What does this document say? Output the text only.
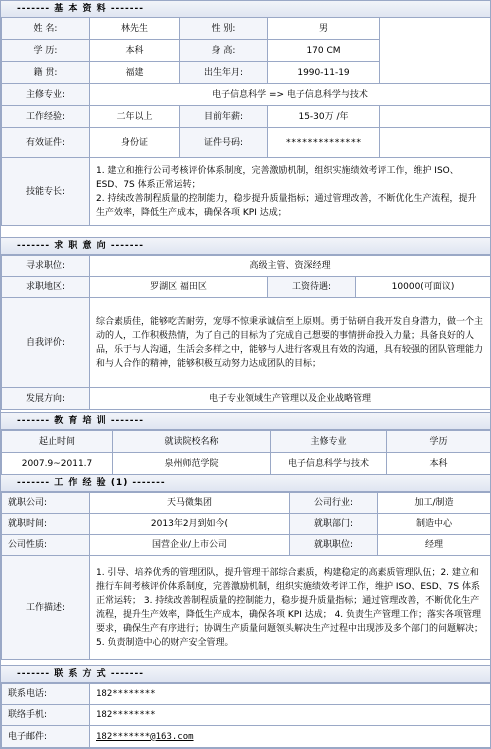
------- 基 本 资 料 -------
姓 名:	林先生	性 别:	男	
学 历:	本科	身 高:	170 CM	
籍 贯:	福建	出生年月:	1990-11-19	
主修专业:	电子信息科学 => 电子信息科学与技术			
工作经验:	二年以上	目前年薪:	15-30万 /年	
有效证件:	身份证	证件号码:	**************	
技能专长:	1. 建立和推行公司考核评价体系制度，完善激励机制，组织实施绩效考评工作，维护 ISO、ESD、7S 体系正常运转；
2. 持续改善制程质量的控制能力，稳步提升质量指标；通过管理改善，不断优化生产流程，提升生产效率，降低生产成本，确保各项 KPI 达成；			
------- 求 职 意 向 -------
寻求职位:	高级主管、资深经理		
求职地区:	罗湖区 福田区	工资待遇:	10000(可面议)
自我评价:	综合素质佳，能够吃苦耐劳，宠辱不惊秉承诚信至上原则。勇于钻研自我开发自身潜力，做一个主动的人，工作积极热情，为了自己的目标为了完成自己想要的事情拼命投入力量；具备良好的人品，乐于与人沟通，生活会多样之中，能够与人进行客观且有效的沟通，具有较强的团队管理能力和与人合作的精神，能够积极互动努力达成团队的目标；		
发展方向:	电子专业领域生产管理以及企业战略管理		
------- 教 育 培 训 -------
起止时间	就读院校名称	主修专业	学历
2007.9~2011.7	泉州师范学院	电子信息科学与技术	本科
------- 工 作 经 验 (1) -------
就职公司:	天马微集团	公司行业:	加工/制造
就职时间:	2013年2月到如今(	就职部门:	制造中心
公司性质:	国营企业/上市公司	就职职位:	经理
工作描述:	1. 引导、培养优秀的管理团队，提升管理干部综合素质，构建稳定的高素质管理队伍；2. 建立和推行车间考核评价体系制度，完善激励机制，组织实施绩效考评工作，维护 ISO、ESD、7S 体系正常运转； 3. 持续改善制程质量的控制能力，稳步提升质量指标；通过管理改善，不断优化生产流程，提升生产效率，降低生产成本，确保各项 KPI 达成； 4. 负责生产管理工作；落实各项管理要求，确保生产有序进行；协调生产质量问题领头解决生产过程中出现涉及多个部门的问题解决；5. 负责制造中心的财产安全管理。		
------- 联 系 方 式 -------
联系电话:	182********
联络手机:	182********
电子邮件:	182*******@163.com
